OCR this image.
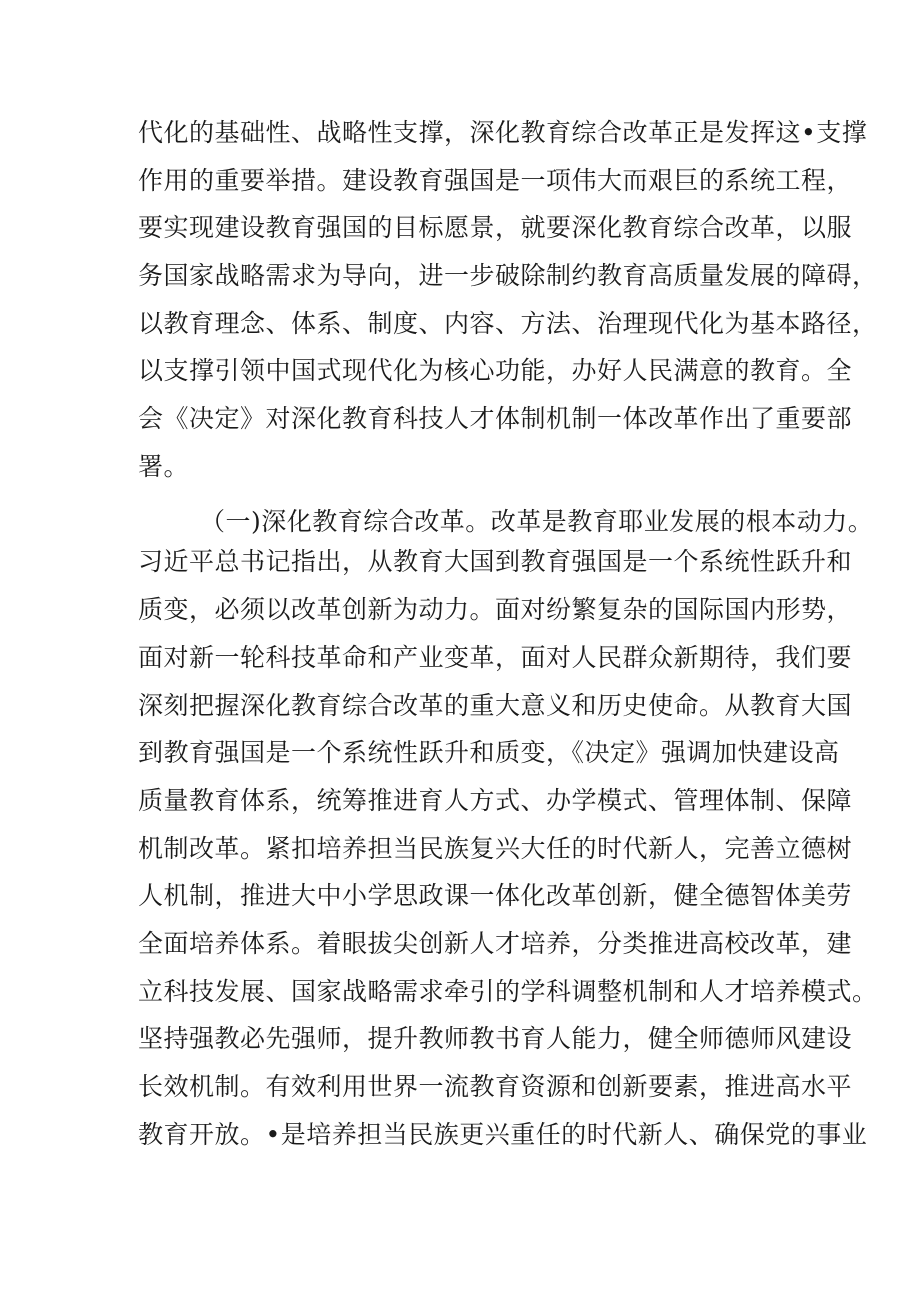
代化的基础性、战略性支撑，深化教育综合改革正是发挥这•支撑
作用的重要举措。建设教育强国是一项伟大而艰巨的系统工程，
要实现建设教育强国的目标愿景，就要深化教育综合改革，以服
务国家战略需求为导向，进一步破除制约教育高质量发展的障碍，
以教育理念、体系、制度、内容、方法、治理现代化为基本路径，
以支撑引领中国式现代化为核心功能，办好人民满意的教育。全
会《决定》对深化教育科技人才体制机制一体改革作出了重要部
署。
（一)深化教育综合改革。改革是教育耶业发展的根本动力。
习近平总书记指出，从教育大国到教育强国是一个系统性跃升和
质变，必须以改革创新为动力。面对纷繁复杂的国际国内形势，
面对新一轮科技革命和产业变革，面对人民群众新期待，我们要
深刻把握深化教育综合改革的重大意义和历史使命。从教育大国
到教育强国是一个系统性跃升和质变，《决定》强调加快建设高
质量教育体系，统筹推进育人方式、办学模式、管理体制、保障
机制改革。紧扣培养担当民族复兴大任的时代新人，完善立德树
人机制，推进大中小学思政课一体化改革创新，健全德智体美劳
全面培养体系。着眼拔尖创新人才培养，分类推进高校改革，建
立科技发展、国家战略需求牵引的学科调整机制和人才培养模式。
坚持强教必先强师，提升教师教书育人能力，健全师德师风建设
长效机制。有效利用世界一流教育资源和创新要素，推进高水平
教育开放。•是培养担当民族更兴重任的时代新人、确保党的事业
